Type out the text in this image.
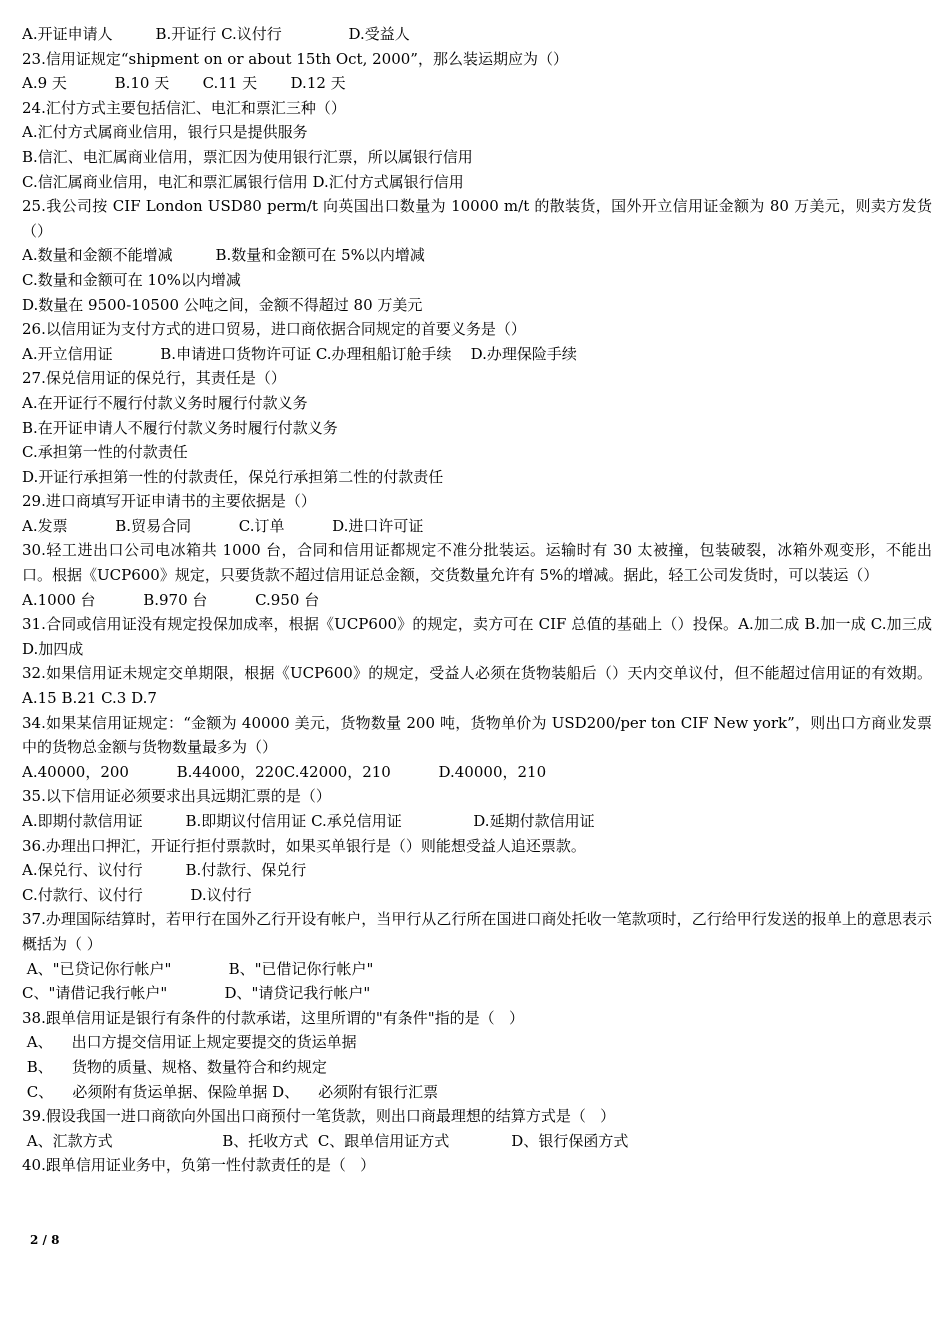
A.开证申请人         B.开证行 C.议付行              D.受益人
23.信用证规定“shipment on or about 15th Oct, 2000”，那么装运期应为（）
A.9 天          B.10 天       C.11 天       D.12 天
24.汇付方式主要包括信汇、电汇和票汇三种（）
A.汇付方式属商业信用，银行只是提供服务
B.信汇、电汇属商业信用，票汇因为使用银行汇票，所以属银行信用
C.信汇属商业信用，电汇和票汇属银行信用 D.汇付方式属银行信用
25.我公司按 CIF London USD80 perm/t 向英国出口数量为 10000 m/t 的散装货，国外开立信用证金额为 80 万美元，则卖方发货（）
A.数量和金额不能增减         B.数量和金额可在 5%以内增减
C.数量和金额可在 10%以内增减
D.数量在 9500-10500 公吨之间，金额不得超过 80 万美元
26.以信用证为支付方式的进口贸易，进口商依据合同规定的首要义务是（）
A.开立信用证          B.申请进口货物许可证 C.办理租船订舱手续    D.办理保险手续
27.保兑信用证的保兑行，其责任是（）
A.在开证行不履行付款义务时履行付款义务
B.在开证申请人不履行付款义务时履行付款义务
C.承担第一性的付款责任
D.开证行承担第一性的付款责任，保兑行承担第二性的付款责任
29.进口商填写开证申请书的主要依据是（）
A.发票          B.贸易合同          C.订单          D.进口许可证
30.轻工进出口公司电冰箱共 1000 台，合同和信用证都规定不准分批装运。运输时有 30 太被撞，包装破裂，冰箱外观变形，不能出口。根据《UCP600》规定，只要货款不超过信用证总金额，交货数量允许有 5%的增减。据此，轻工公司发货时，可以装运（）
A.1000 台          B.970 台          C.950 台
31.合同或信用证没有规定投保加成率，根据《UCP600》的规定，卖方可在 CIF 总值的基础上（）投保。A.加二成 B.加一成 C.加三成 D.加四成
32.如果信用证未规定交单期限，根据《UCP600》的规定，受益人必须在货物装船后（）天内交单议付，但不能超过信用证的有效期。A.15 B.21 C.3 D.7
34.如果某信用证规定：“金额为 40000 美元，货物数量 200 吨，货物单价为 USD200/per ton CIF New york”，则出口方商业发票中的货物总金额与货物数量最多为（）
A.40000，200          B.44000，220C.42000，210          D.40000，210
35.以下信用证必须要求出具远期汇票的是（）
A.即期付款信用证         B.即期议付信用证 C.承兑信用证               D.延期付款信用证
36.办理出口押汇，开证行拒付票款时，如果买单银行是（）则能想受益人追还票款。
A.保兑行、议付行         B.付款行、保兑行
C.付款行、议付行          D.议付行
37.办理国际结算时，若甲行在国外乙行开设有帐户，当甲行从乙行所在国进口商处托收一笔款项时，乙行给甲行发送的报单上的意思表示概括为（ ）
A、"已贷记你行帐户"            B、"已借记你行帐户"
C、"请借记我行帐户"            D、"请贷记我行帐户"
38.跟单信用证是银行有条件的付款承诺，这里所谓的"有条件"指的是（   ）
A、    出口方提交信用证上规定要提交的货运单据
B、    货物的质量、规格、数量符合和约规定
C、    必须附有货运单据、保险单据 D、    必须附有银行汇票
39.假设我国一进口商欲向外国出口商预付一笔货款，则出口商最理想的结算方式是（   ）
A、汇款方式                       B、托收方式  C、跟单信用证方式             D、银行保函方式
40.跟单信用证业务中，负第一性付款责任的是（   ）
2 / 8
